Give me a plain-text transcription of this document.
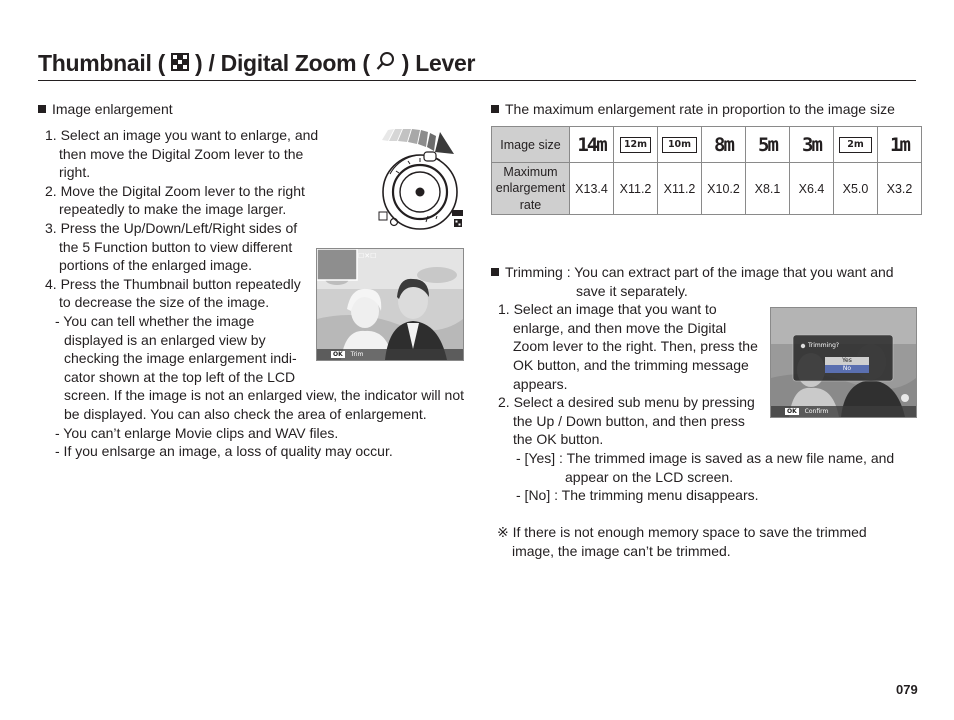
Thumbnail ( ) / Digital Zoom ( ) Lever
Image enlargement
1. Select an image you want to enlarge, and
then move the Digital Zoom lever to the
right.
2. Move the Digital Zoom lever to the right
repeatedly to make the image larger.
3. Press the Up/Down/Left/Right sides of
the 5 Function button to view different
portions of the enlarged image.
4. Press the Thumbnail button repeatedly
to decrease the size of the image.
- You can tell whether the image
displayed is an enlarged view by
checking the image enlargement indi-
cator shown at the top left of the LCD
screen. If the image is not an enlarged view, the indicator will not
be displayed. You can also check the area of enlargement.
- You can’t enlarge Movie clips and WAV files.
- If you enlsarge an image, a loss of quality may occur.
☐✕☐
OK Trim
The maximum enlargement rate in proportion to the image size
Image size	14m	12m	10m	8m	5m	3m	2m	1m

Maximum
enlargement
rate	X13.4	X11.2	X11.2	X10.2	X8.1	X6.4	X5.0	X3.2
Trimming : You can extract part of the image that you want and
save it separately.
1. Select an image that you want to
enlarge, and then move the Digital
Zoom lever to the right. Then, press the
OK button, and the trimming message
appears.
2. Select a desired sub menu by pressing
the Up / Down button, and then press
the OK button.
- [Yes] : The trimmed image is saved as a new file name, and
appear on the LCD screen.
- [No] : The trimming menu disappears.
※ If there is not enough memory space to save the trimmed
image, the image can’t be trimmed.
Trimming?
Yes
No
OK Confirm
079
